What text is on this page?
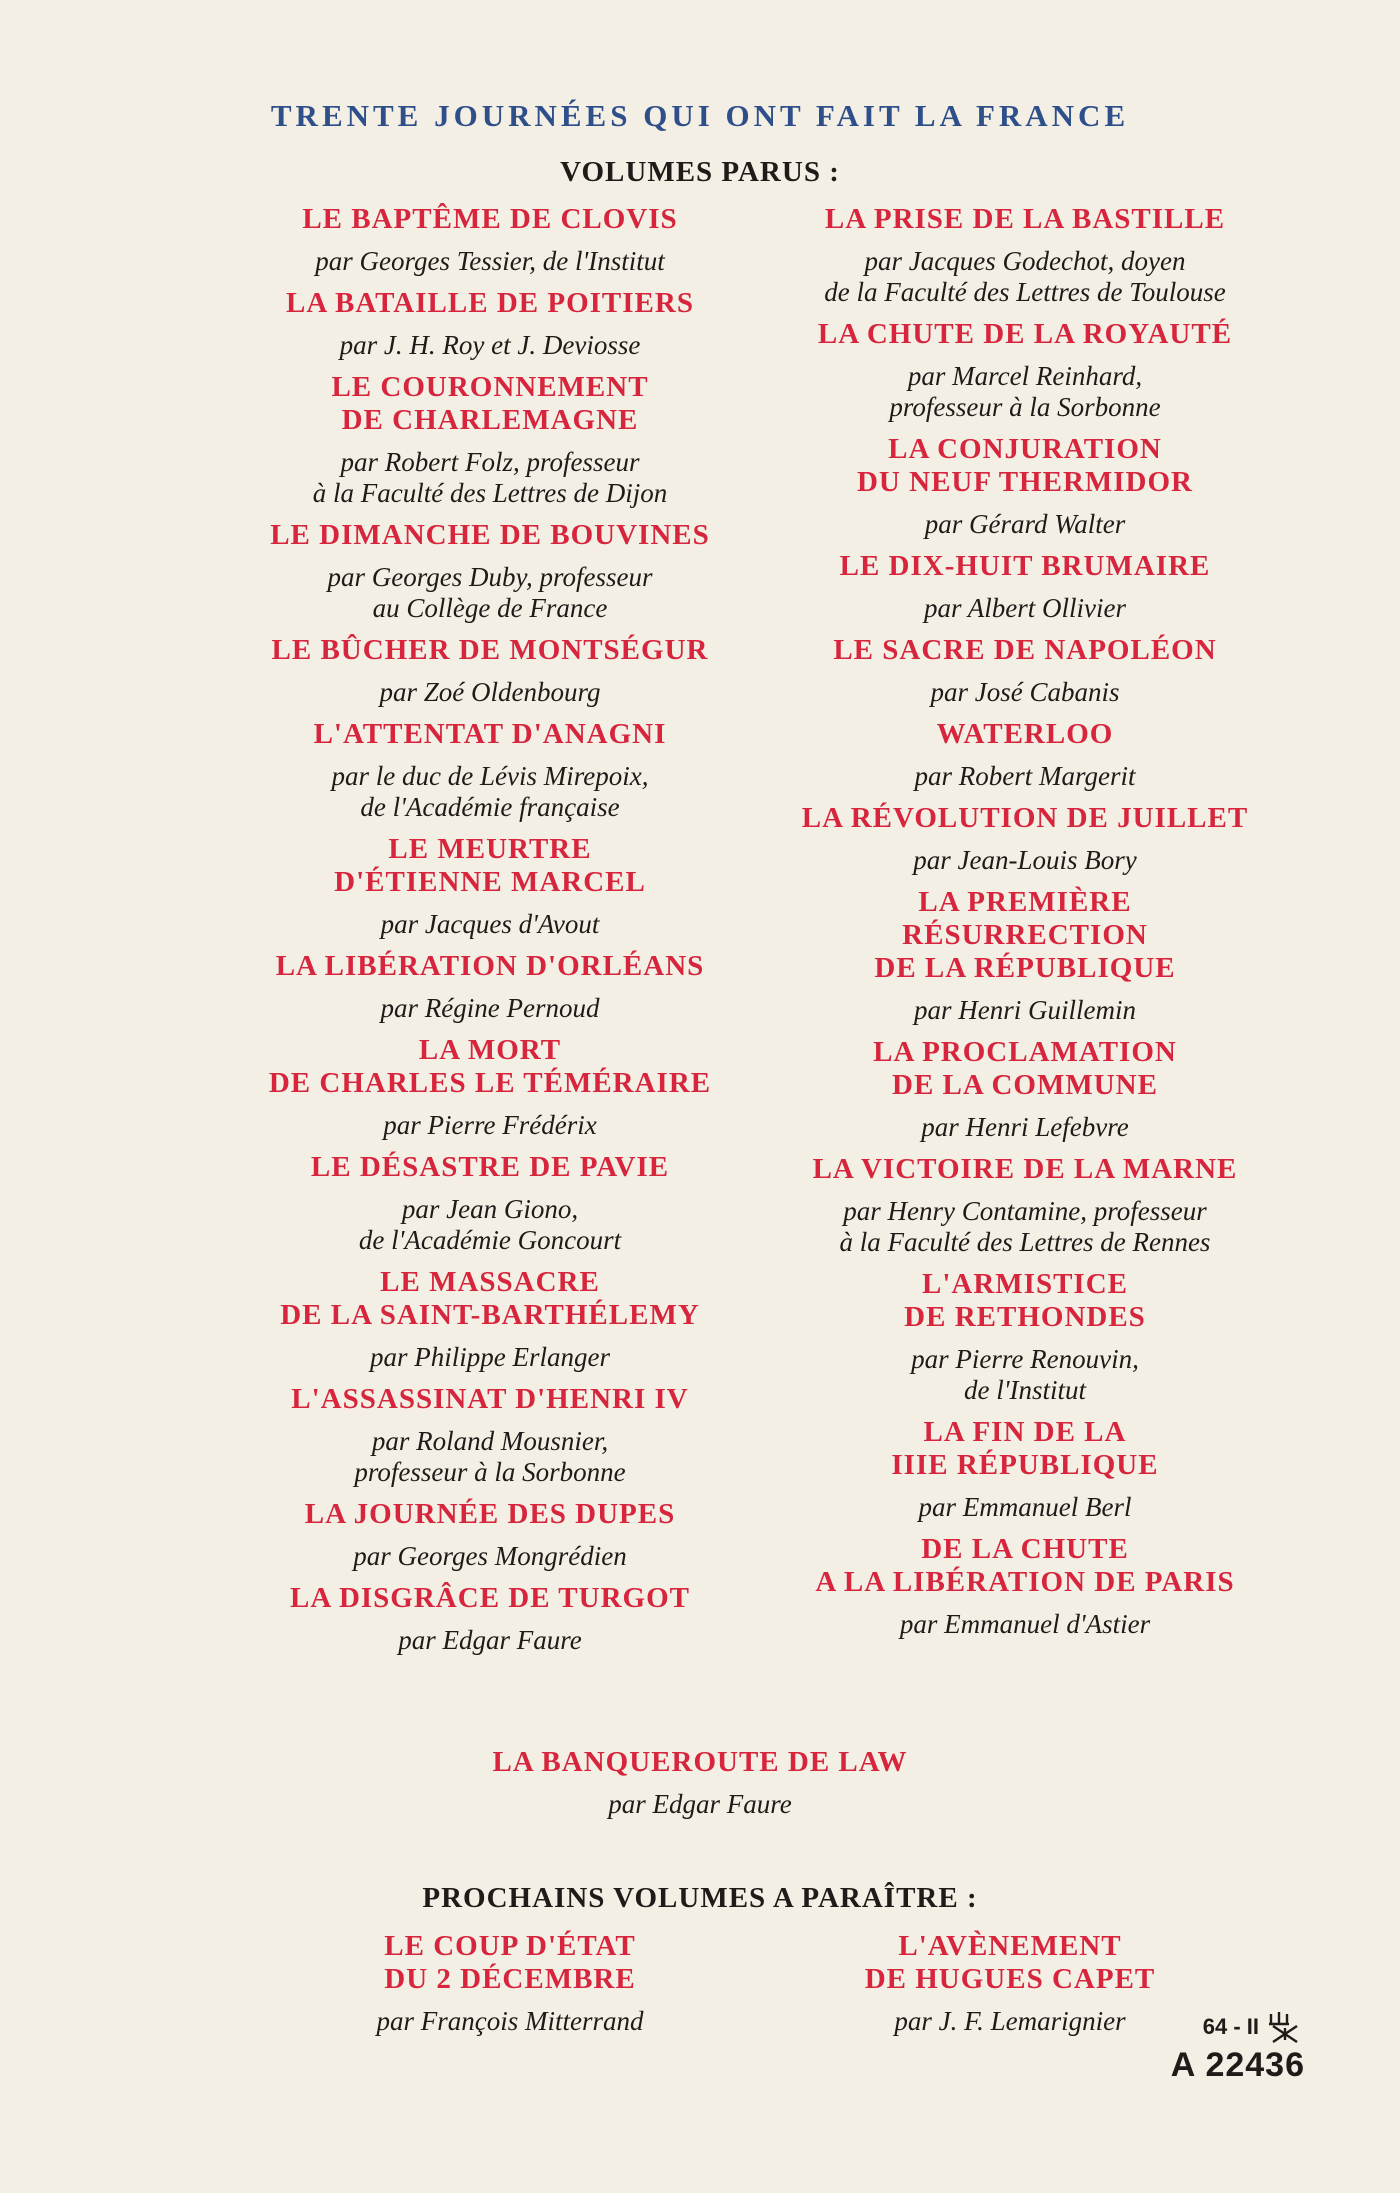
TRENTE JOURNÉES QUI ONT FAIT LA FRANCE
VOLUMES PARUS :
LE BAPTÊME DE CLOVIS
par Georges Tessier, de l'Institut
LA BATAILLE DE POITIERS
par J. H. Roy et J. Deviosse
LE COURONNEMENT
DE CHARLEMAGNE
par Robert Folz, professeur
à la Faculté des Lettres de Dijon
LE DIMANCHE DE BOUVINES
par Georges Duby, professeur
au Collège de France
LE BÛCHER DE MONTSÉGUR
par Zoé Oldenbourg
L'ATTENTAT D'ANAGNI
par le duc de Lévis Mirepoix,
de l'Académie française
LE MEURTRE
D'ÉTIENNE MARCEL
par Jacques d'Avout
LA LIBÉRATION D'ORLÉANS
par Régine Pernoud
LA MORT
DE CHARLES LE TÉMÉRAIRE
par Pierre Frédérix
LE DÉSASTRE DE PAVIE
par Jean Giono,
de l'Académie Goncourt
LE MASSACRE
DE LA SAINT-BARTHÉLEMY
par Philippe Erlanger
L'ASSASSINAT D'HENRI IV
par Roland Mousnier,
professeur à la Sorbonne
LA JOURNÉE DES DUPES
par Georges Mongrédien
LA DISGRÂCE DE TURGOT
par Edgar Faure
LA PRISE DE LA BASTILLE
par Jacques Godechot, doyen
de la Faculté des Lettres de Toulouse
LA CHUTE DE LA ROYAUTÉ
par Marcel Reinhard,
professeur à la Sorbonne
LA CONJURATION
DU NEUF THERMIDOR
par Gérard Walter
LE DIX-HUIT BRUMAIRE
par Albert Ollivier
LE SACRE DE NAPOLÉON
par José Cabanis
WATERLOO
par Robert Margerit
LA RÉVOLUTION DE JUILLET
par Jean-Louis Bory
LA PREMIÈRE
RÉSURRECTION
DE LA RÉPUBLIQUE
par Henri Guillemin
LA PROCLAMATION
DE LA COMMUNE
par Henri Lefebvre
LA VICTOIRE DE LA MARNE
par Henry Contamine, professeur
à la Faculté des Lettres de Rennes
L'ARMISTICE
DE RETHONDES
par Pierre Renouvin,
de l'Institut
LA FIN DE LA
IIIE RÉPUBLIQUE
par Emmanuel Berl
DE LA CHUTE
A LA LIBÉRATION DE PARIS
par Emmanuel d'Astier
LA BANQUEROUTE DE LAW
par Edgar Faure
PROCHAINS VOLUMES A PARAÎTRE :
LE COUP D'ÉTAT
DU 2 DÉCEMBRE
par François Mitterrand
L'AVÈNEMENT
DE HUGUES CAPET
par J. F. Lemarignier	64 - II
A 22436
